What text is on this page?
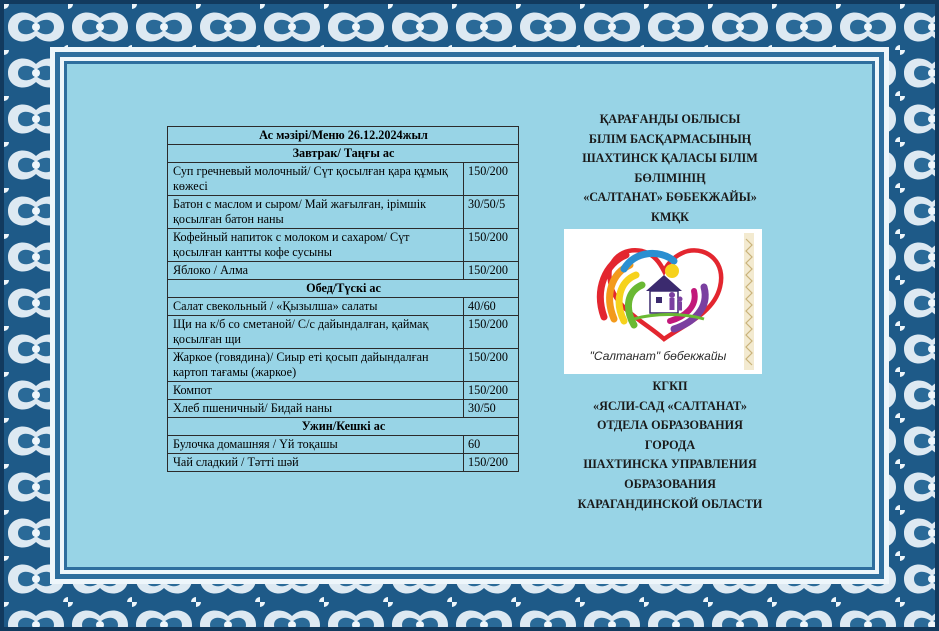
Ас мәзірі/Меню 26.12.2024жыл	
Завтрак/ Таңғы ас	
Суп гречневый молочный/ Сүт қосылған қара құмық көжесі	150/200
Батон с маслом и сыром/ Май жағылған, ірімшік қосылған батон наны	30/50/5
Кофейный напиток с молоком и сахаром/ Сүт қосылған кантты кофе сусыны	150/200
Яблоко / Алма	150/200
Обед/Түскі ас	
Салат свекольный / «Қызылша» салаты	40/60
Щи на к/б со сметаной/ С/с дайындалған, қаймақ қосылған щи	150/200
Жаркое (говядина)/ Сиыр еті қосып дайындалған картоп тағамы (жаркое)	150/200
Компот	150/200
Хлеб пшеничный/ Бидай наны	30/50
Ужин/Кешкі ас	
Булочка домашняя / Үй тоқашы	60
Чай сладкий / Тәтті шәй	150/200
ҚАРАҒАНДЫ ОБЛЫСЫ
БІЛІМ БАСҚАРМАСЫНЫҢ
ШАХТИНСК ҚАЛАСЫ БІЛІМ
БӨЛІМІНІҢ
«САЛТАНАТ» БӨБЕКЖАЙЫ»
КМҚК
"Салтанат" бөбекжайы
КГКП
«ЯСЛИ-САД «САЛТАНАТ»
ОТДЕЛА ОБРАЗОВАНИЯ
ГОРОДА
ШАХТИНСКА УПРАВЛЕНИЯ
ОБРАЗОВАНИЯ
КАРАГАНДИНСКОЙ ОБЛАСТИ
